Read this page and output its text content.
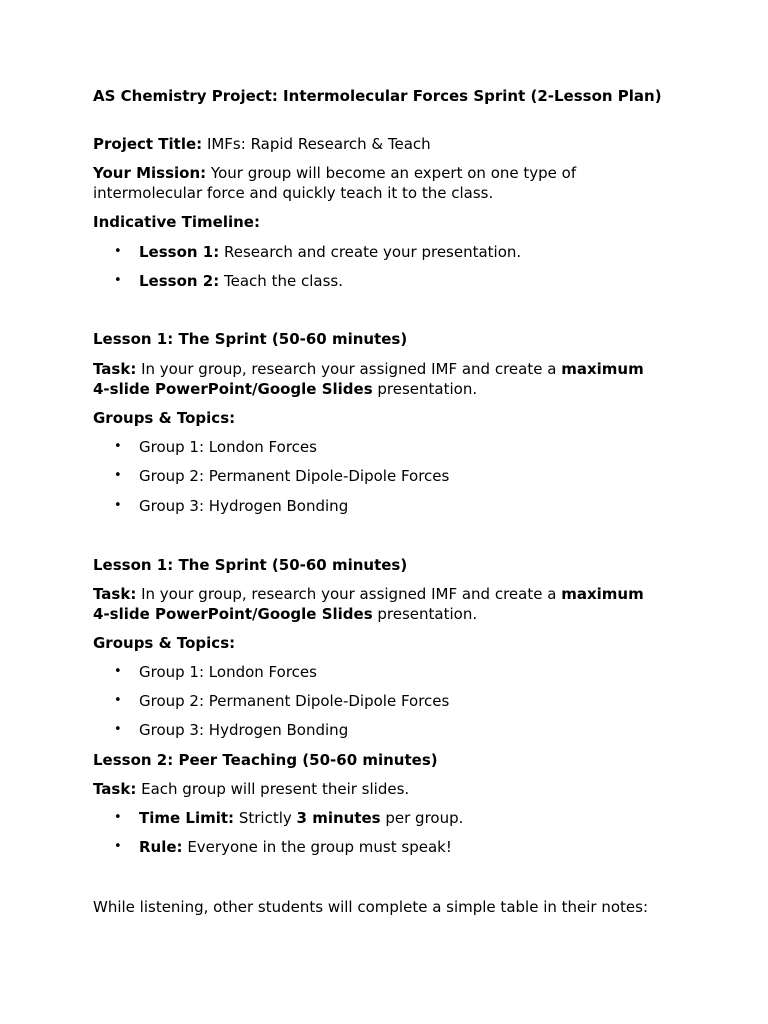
AS Chemistry Project: Intermolecular Forces Sprint (2-Lesson Plan)
Project Title: IMFs: Rapid Research & Teach
Your Mission: Your group will become an expert on one type of intermolecular force and quickly teach it to the class.
Indicative Timeline:
• Lesson 1: Research and create your presentation.
• Lesson 2: Teach the class.
Lesson 1: The Sprint (50-60 minutes)
Task: In your group, research your assigned IMF and create a maximum
4-slide PowerPoint/Google Slides presentation.
Groups & Topics:
• Group 1: London Forces
• Group 2: Permanent Dipole-Dipole Forces
• Group 3: Hydrogen Bonding
Lesson 1: The Sprint (50-60 minutes)
Task: In your group, research your assigned IMF and create a maximum
4-slide PowerPoint/Google Slides presentation.
Groups & Topics:
• Group 1: London Forces
• Group 2: Permanent Dipole-Dipole Forces
• Group 3: Hydrogen Bonding
Lesson 2: Peer Teaching (50-60 minutes)
Task: Each group will present their slides.
• Time Limit: Strictly 3 minutes per group.
• Rule: Everyone in the group must speak!
While listening, other students will complete a simple table in their notes:
